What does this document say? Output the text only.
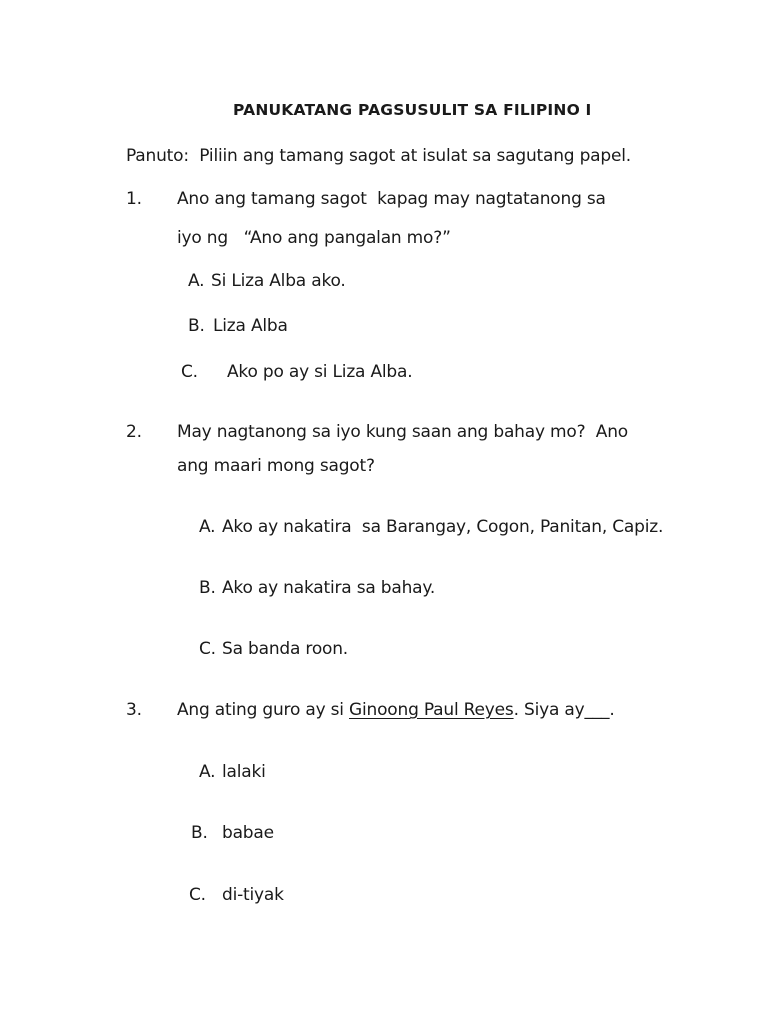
PANUKATANG PAGSUSULIT SA FILIPINO I
Panuto:  Piliin ang tamang sagot at isulat sa sagutang papel.
1. Ano ang tamang sagot  kapag may nagtatanong sa
iyo ng   “Ano ang pangalan mo?”
A. Si Liza Alba ako.
B. Liza Alba
C. Ako po ay si Liza Alba.
2. May nagtanong sa iyo kung saan ang bahay mo?  Ano
ang maari mong sagot?
A. Ako ay nakatira  sa Barangay, Cogon, Panitan, Capiz.
B. Ako ay nakatira sa bahay.
C. Sa banda roon.
3. Ang ating guro ay si Ginoong Paul Reyes. Siya ay___.
A. lalaki
B. babae
C. di-tiyak
